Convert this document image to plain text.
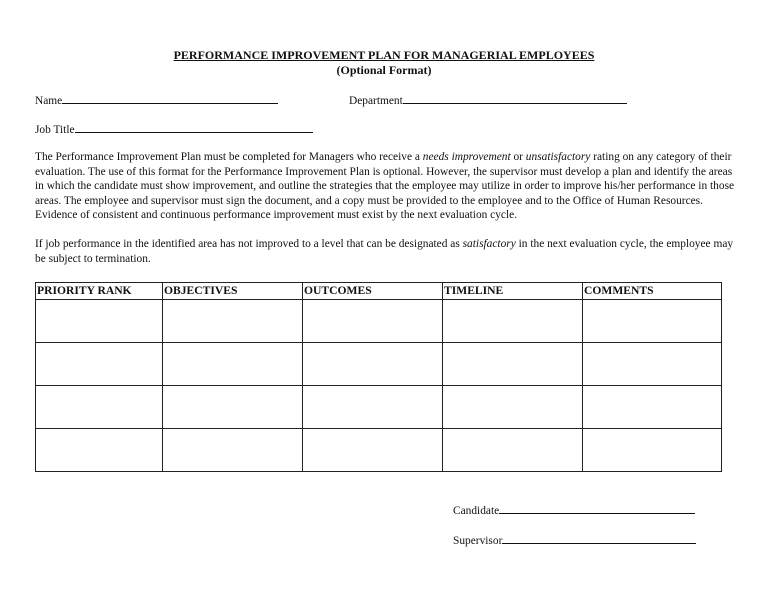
PERFORMANCE IMPROVEMENT PLAN FOR MANAGERIAL EMPLOYEES
(Optional Format)
Name	Department
Job Title
The Performance Improvement Plan must be completed for Managers who receive a needs improvement or unsatisfactory rating on any category of their evaluation. The use of this format for the Performance Improvement Plan is optional. However, the supervisor must develop a plan and identify the areas in which the candidate must show improvement, and outline the strategies that the employee may utilize in order to improve his/her performance in those areas. The employee and supervisor must sign the document, and a copy must be provided to the employee and to the Office of Human Resources. Evidence of consistent and continuous performance improvement must exist by the next evaluation cycle.
If job performance in the identified area has not improved to a level that can be designated as satisfactory in the next evaluation cycle, the employee may be subject to termination.
PRIORITY RANK	OBJECTIVES	OUTCOMES	TIMELINE	COMMENTS

Candidate
Supervisor
